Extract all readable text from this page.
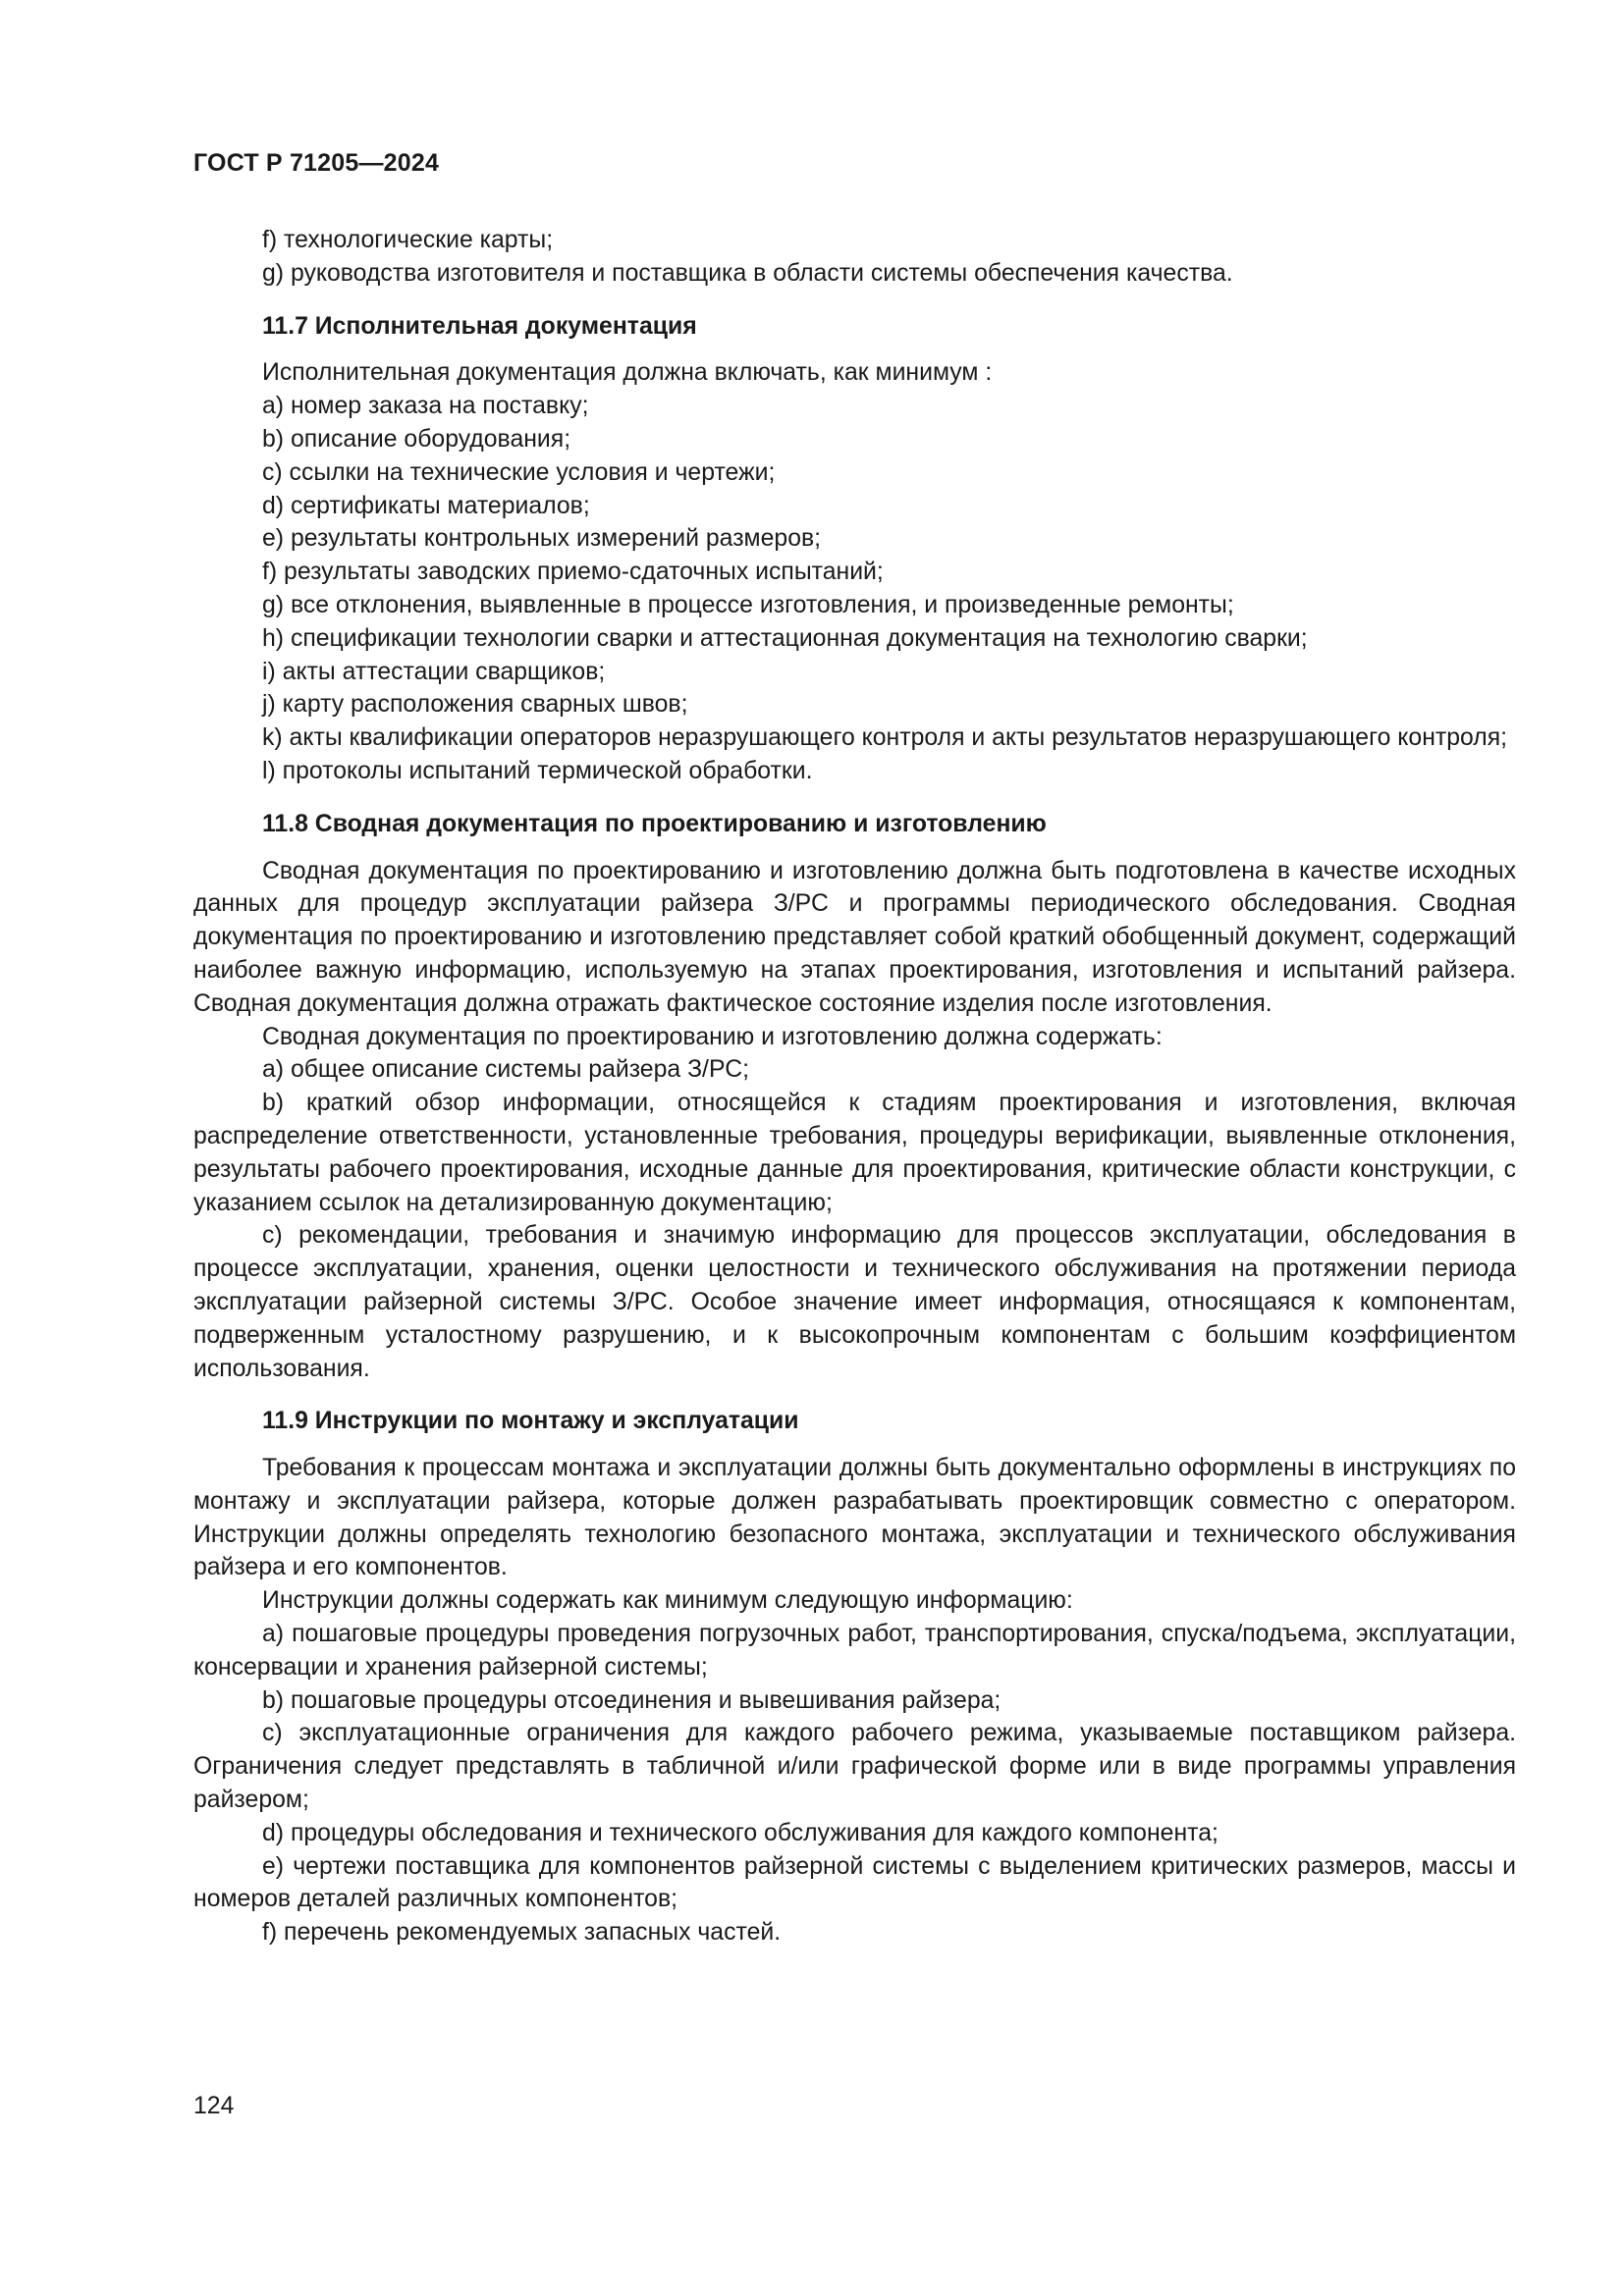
ГОСТ Р 71205—2024
f) технологические карты;
g) руководства изготовителя и поставщика в области системы обеспечения качества.
11.7 Исполнительная документация

Исполнительная документация должна включать, как минимум :

a) номер заказа на поставку;
b) описание оборудования;
c) ссылки на технические условия и чертежи;
d) сертификаты материалов;
e) результаты контрольных измерений размеров;
f) результаты заводских приемо-сдаточных испытаний;
g) все отклонения, выявленные в процессе изготовления, и произведенные ремонты;
h) спецификации технологии сварки и аттестационная документация на технологию сварки;
i) акты аттестации сварщиков;
j) карту расположения сварных швов;
k) акты квалификации операторов неразрушающего контроля и акты результатов неразрушающего контроля;
l) протоколы испытаний термической обработки.
11.8 Сводная документация по проектированию и изготовлению

Сводная документация по проектированию и изготовлению должна быть подготовлена в качестве исходных данных для процедур эксплуатации райзера З/РС и программы периодического обследования. Сводная документация по проектированию и изготовлению представляет собой краткий обобщенный документ, содержащий наиболее важную информацию, используемую на этапах проектирования, изготовления и испытаний райзера. Сводная документация должна отражать фактическое состояние изделия после изготовления.

Сводная документация по проектированию и изготовлению должна содержать:

a) общее описание системы райзера З/РС;
b) краткий обзор информации, относящейся к стадиям проектирования и изготовления, включая распределение ответственности, установленные требования, процедуры верификации, выявленные отклонения, результаты рабочего проектирования, исходные данные для проектирования, критические области конструкции, с указанием ссылок на детализированную документацию;
c) рекомендации, требования и значимую информацию для процессов эксплуатации, обследования в процессе эксплуатации, хранения, оценки целостности и технического обслуживания на протяжении периода эксплуатации райзерной системы З/РС. Особое значение имеет информация, относящаяся к компонентам, подверженным усталостному разрушению, и к высокопрочным компонентам с большим коэффициентом использования.
11.9 Инструкции по монтажу и эксплуатации

Требования к процессам монтажа и эксплуатации должны быть документально оформлены в инструкциях по монтажу и эксплуатации райзера, которые должен разрабатывать проектировщик совместно с оператором. Инструкции должны определять технологию безопасного монтажа, эксплуатации и технического обслуживания райзера и его компонентов.

Инструкции должны содержать как минимум следующую информацию:

a) пошаговые процедуры проведения погрузочных работ, транспортирования, спуска/подъема, эксплуатации, консервации и хранения райзерной системы;
b) пошаговые процедуры отсоединения и вывешивания райзера;
c) эксплуатационные ограничения для каждого рабочего режима, указываемые поставщиком райзера. Ограничения следует представлять в табличной и/или графической форме или в виде программы управления райзером;
d) процедуры обследования и технического обслуживания для каждого компонента;
e) чертежи поставщика для компонентов райзерной системы с выделением критических размеров, массы и номеров деталей различных компонентов;
f) перечень рекомендуемых запасных частей.
124
